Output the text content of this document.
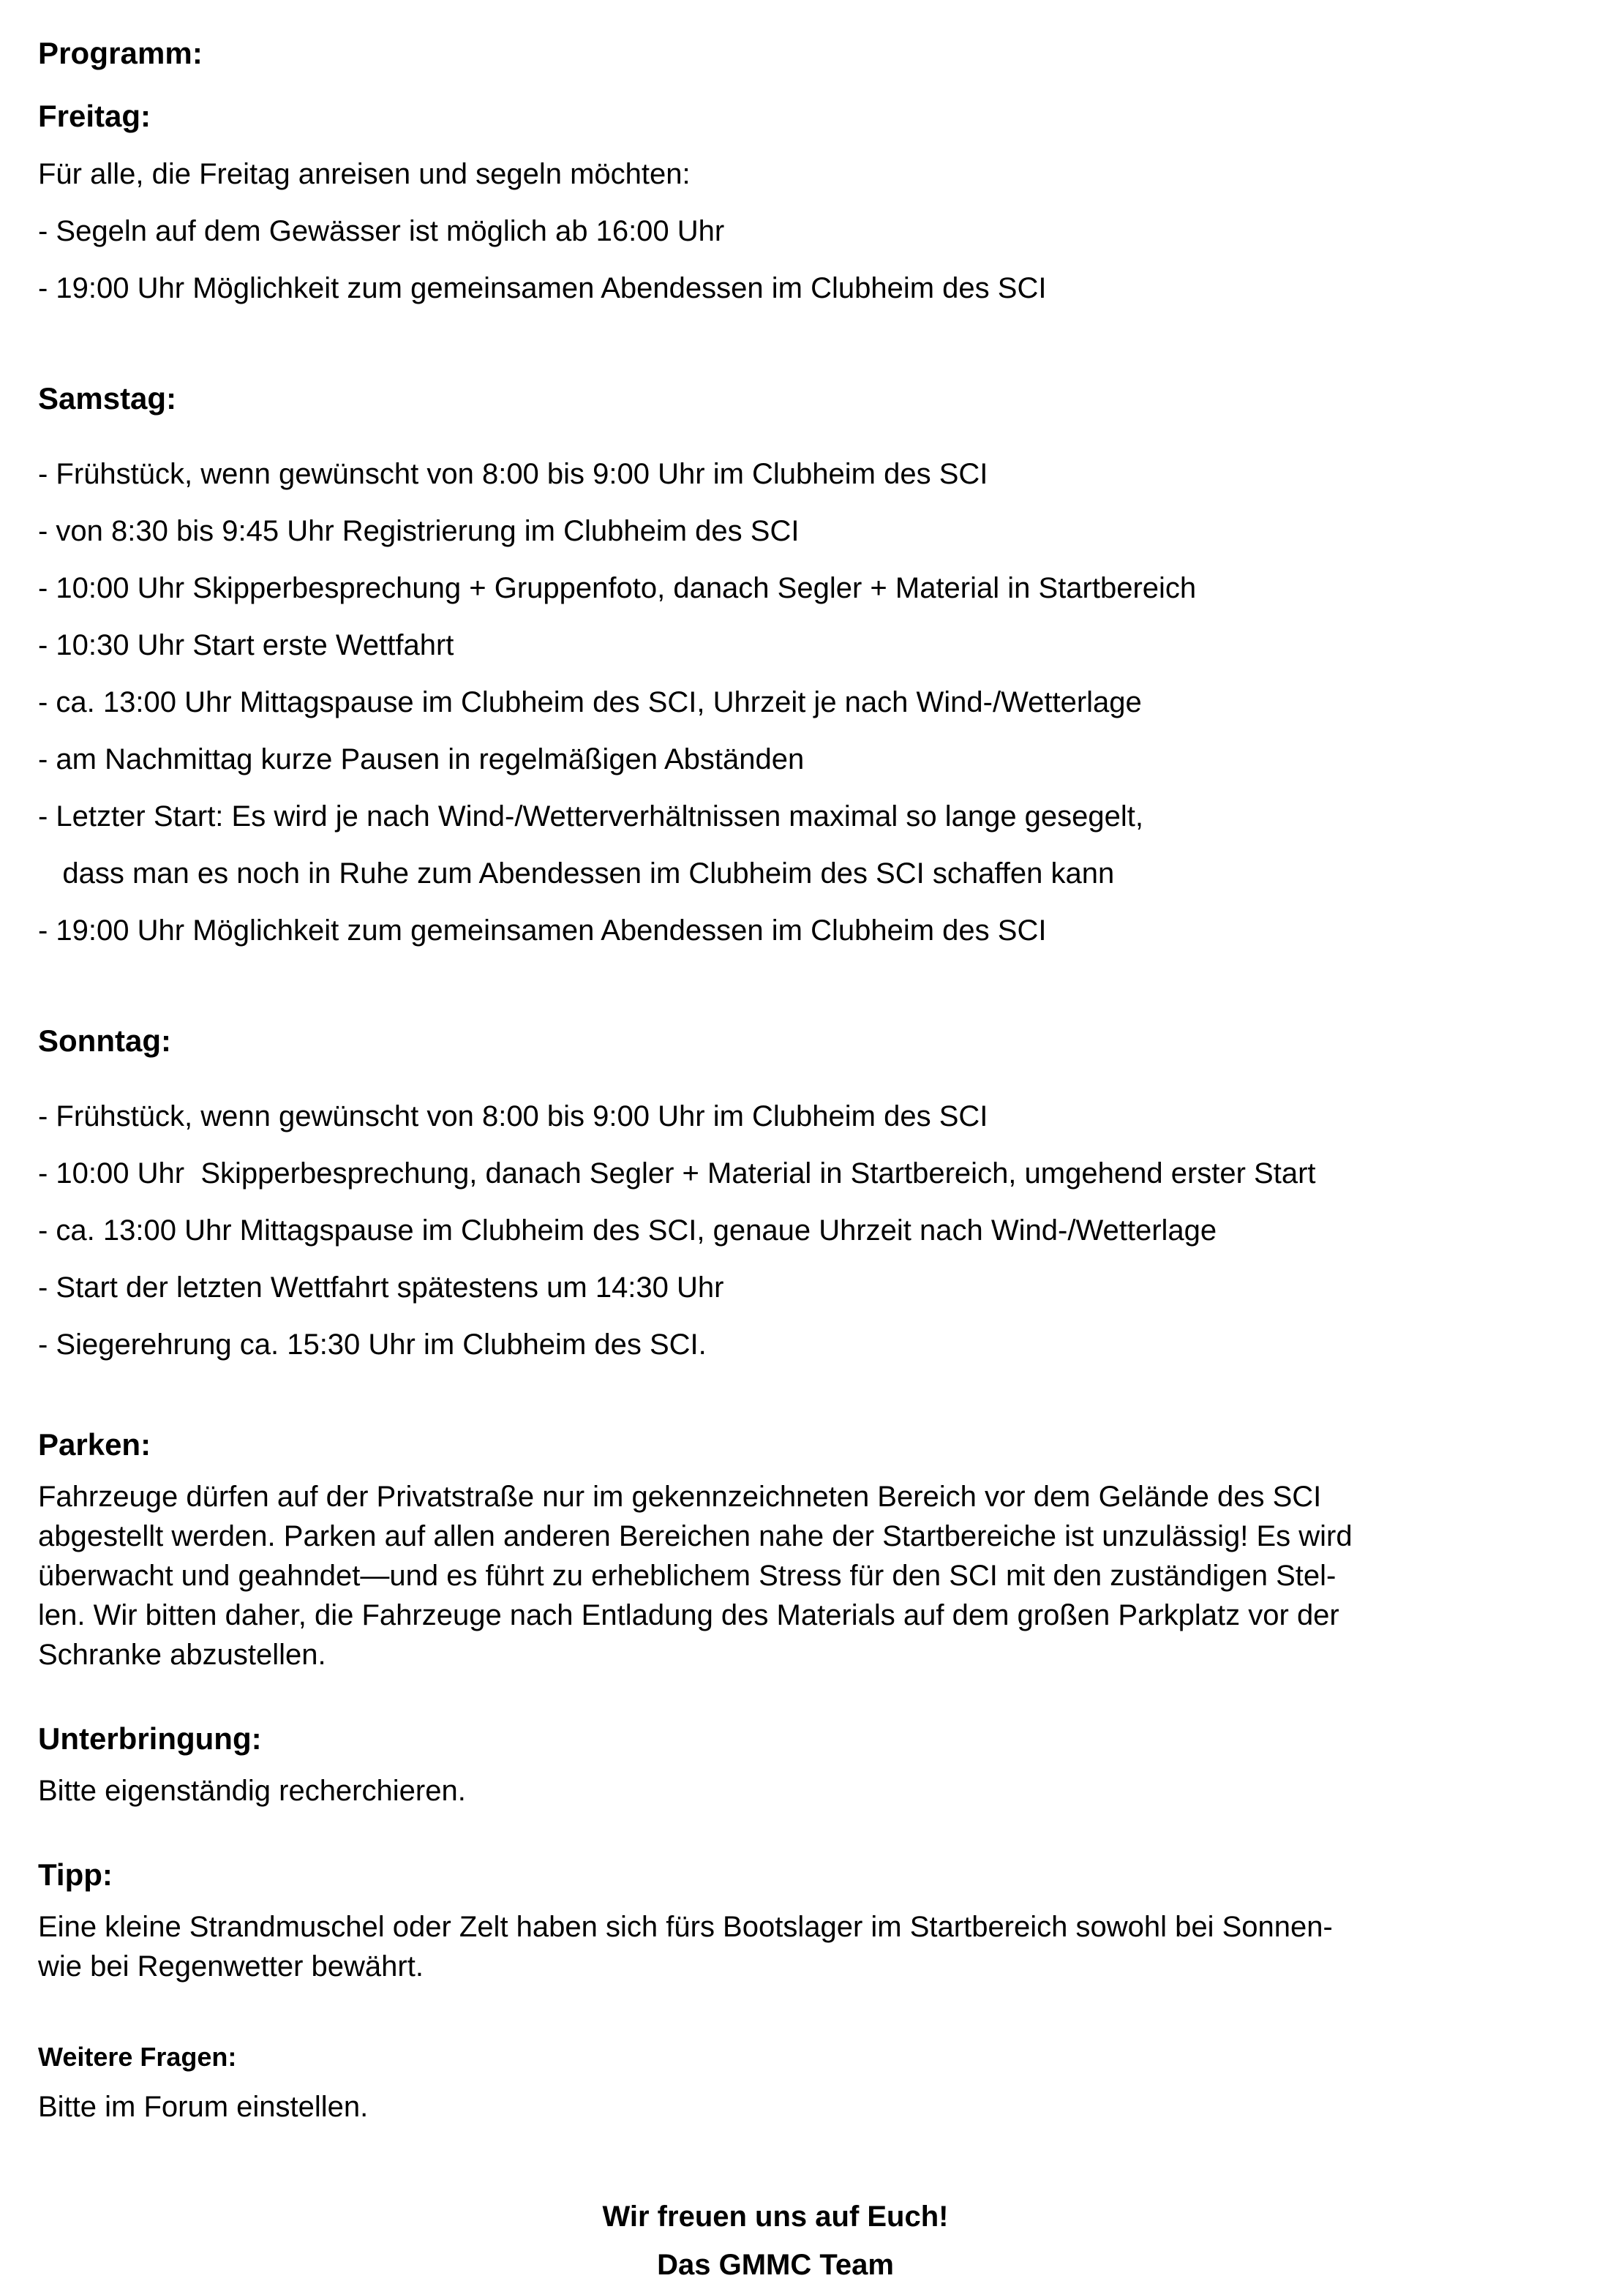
Programm:
Freitag:
Für alle, die Freitag anreisen und segeln möchten:
- Segeln auf dem Gewässer ist möglich ab 16:00 Uhr
- 19:00 Uhr Möglichkeit zum gemeinsamen Abendessen im Clubheim des SCI
Samstag:
- Frühstück, wenn gewünscht von 8:00 bis 9:00 Uhr im Clubheim des SCI
- von 8:30 bis 9:45 Uhr Registrierung im Clubheim des SCI
- 10:00 Uhr Skipperbesprechung + Gruppenfoto, danach Segler + Material in Startbereich
- 10:30 Uhr Start erste Wettfahrt
- ca. 13:00 Uhr Mittagspause im Clubheim des SCI, Uhrzeit je nach Wind-/Wetterlage
- am Nachmittag kurze Pausen in regelmäßigen Abständen
- Letzter Start: Es wird je nach Wind-/Wetterverhältnissen maximal so lange gesegelt,
dass man es noch in Ruhe zum Abendessen im Clubheim des SCI schaffen kann
- 19:00 Uhr Möglichkeit zum gemeinsamen Abendessen im Clubheim des SCI
Sonntag:
- Frühstück, wenn gewünscht von 8:00 bis 9:00 Uhr im Clubheim des SCI
- 10:00 Uhr  Skipperbesprechung, danach Segler + Material in Startbereich, umgehend erster Start
- ca. 13:00 Uhr Mittagspause im Clubheim des SCI, genaue Uhrzeit nach Wind-/Wetterlage
- Start der letzten Wettfahrt spätestens um 14:30 Uhr
- Siegerehrung ca. 15:30 Uhr im Clubheim des SCI.
Parken:
Fahrzeuge dürfen auf der Privatstraße nur im gekennzeichneten Bereich vor dem Gelände des SCI
abgestellt werden. Parken auf allen anderen Bereichen nahe der Startbereiche ist unzulässig! Es wird
überwacht und geahndet—und es führt zu erheblichem Stress für den SCI mit den zuständigen Stel-
len. Wir bitten daher, die Fahrzeuge nach Entladung des Materials auf dem großen Parkplatz vor der
Schranke abzustellen.
Unterbringung:
Bitte eigenständig recherchieren.
Tipp:
Eine kleine Strandmuschel oder Zelt haben sich fürs Bootslager im Startbereich sowohl bei Sonnen-
wie bei Regenwetter bewährt.
Weitere Fragen:
Bitte im Forum einstellen.
Wir freuen uns auf Euch!
Das GMMC Team
